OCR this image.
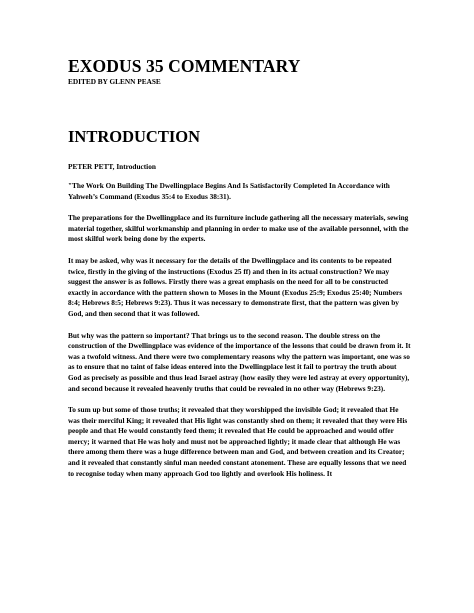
EXODUS 35 COMMENTARY
EDITED BY GLENN PEASE
INTRODUCTION
PETER PETT, Introduction

"The Work On Building The Dwellingplace Begins And Is Satisfactorily Completed In Accordance with Yahweh’s Command (Exodus 35:4 to Exodus 38:31).

The preparations for the Dwellingplace and its furniture include gathering all the necessary materials, sewing material together, skilful workmanship and planning in order to make use of the available personnel, with the most skilful work being done by the experts.

It may be asked, why was it necessary for the details of the Dwellingplace and its contents to be repeated twice, firstly in the giving of the instructions (Exodus 25 ff) and then in its actual construction? We may suggest the answer is as follows. Firstly there was a great emphasis on the need for all to be constructed exactly in accordance with the pattern shown to Moses in the Mount (Exodus 25:9; Exodus 25:40; Numbers 8:4; Hebrews 8:5; Hebrews 9:23). Thus it was necessary to demonstrate first, that the pattern was given by God, and then second that it was followed.

But why was the pattern so important? That brings us to the second reason. The double stress on the construction of the Dwellingplace was evidence of the importance of the lessons that could be drawn from it. It was a twofold witness. And there were two complementary reasons why the pattern was important, one was so as to ensure that no taint of false ideas entered into the Dwellingplace lest it fail to portray the truth about God as precisely as possible and thus lead Israel astray (how easily they were led astray at every opportunity), and second because it revealed heavenly truths that could be revealed in no other way (Hebrews 9:23).

To sum up but some of those truths; it revealed that they worshipped the invisible God; it revealed that He was their merciful King; it revealed that His light was constantly shed on them; it revealed that they were His people and that He would constantly feed them; it revealed that He could be approached and would offer mercy; it warned that He was holy and must not be approached lightly; it made clear that although He was there among them there was a huge difference between man and God, and between creation and its Creator; and it revealed that constantly sinful man needed constant atonement. These are equally lessons that we need to recognise today when many approach God too lightly and overlook His holiness. It
